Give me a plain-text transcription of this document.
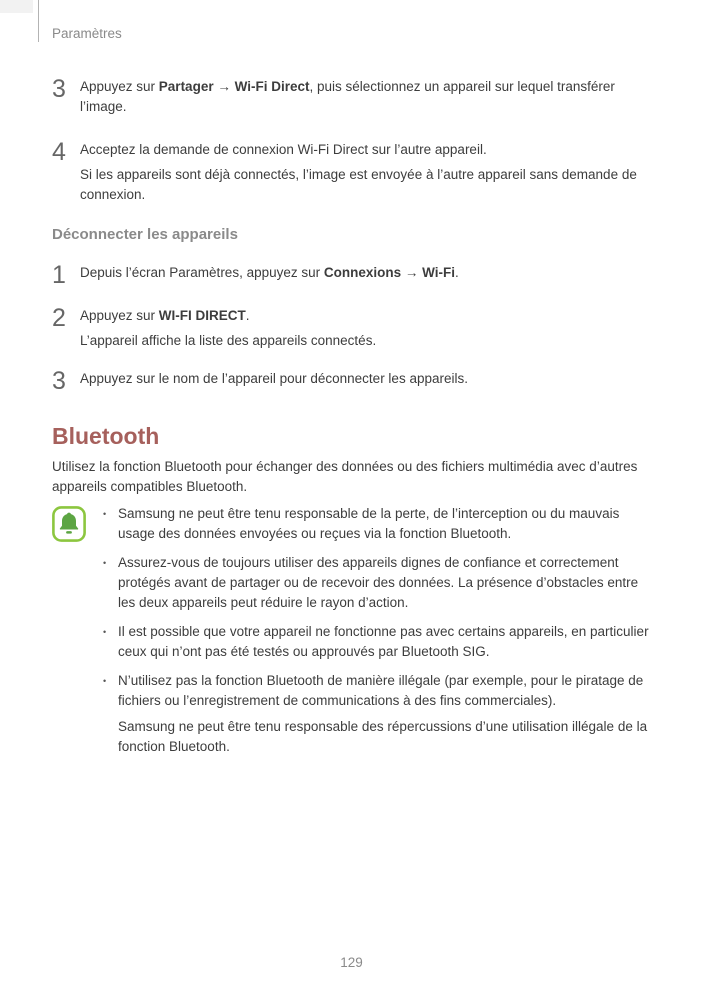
Paramètres
3	Appuyez sur Partager → Wi-Fi Direct, puis sélectionnez un appareil sur lequel transférer l’image.

4	Acceptez la demande de connexion Wi-Fi Direct sur l’autre appareil.

Si les appareils sont déjà connectés, l’image est envoyée à l’autre appareil sans demande de connexion.

Déconnecter les appareils
1	Depuis l’écran Paramètres, appuyez sur Connexions → Wi-Fi.

2	Appuyez sur WI-FI DIRECT.

L’appareil affiche la liste des appareils connectés.

3	Appuyez sur le nom de l’appareil pour déconnecter les appareils.

Bluetooth

Utilisez la fonction Bluetooth pour échanger des données ou des fichiers multimédia avec d’autres appareils compatibles Bluetooth.

• Samsung ne peut être tenu responsable de la perte, de l’interception ou du mauvais usage des données envoyées ou reçues via la fonction Bluetooth.

• Assurez-vous de toujours utiliser des appareils dignes de confiance et correctement protégés avant de partager ou de recevoir des données. La présence d’obstacles entre les deux appareils peut réduire le rayon d’action.

• Il est possible que votre appareil ne fonctionne pas avec certains appareils, en particulier ceux qui n’ont pas été testés ou approuvés par Bluetooth SIG.

• N’utilisez pas la fonction Bluetooth de manière illégale (par exemple, pour le piratage de fichiers ou l’enregistrement de communications à des fins commerciales).

Samsung ne peut être tenu responsable des répercussions d’une utilisation illégale de la fonction Bluetooth.

129
